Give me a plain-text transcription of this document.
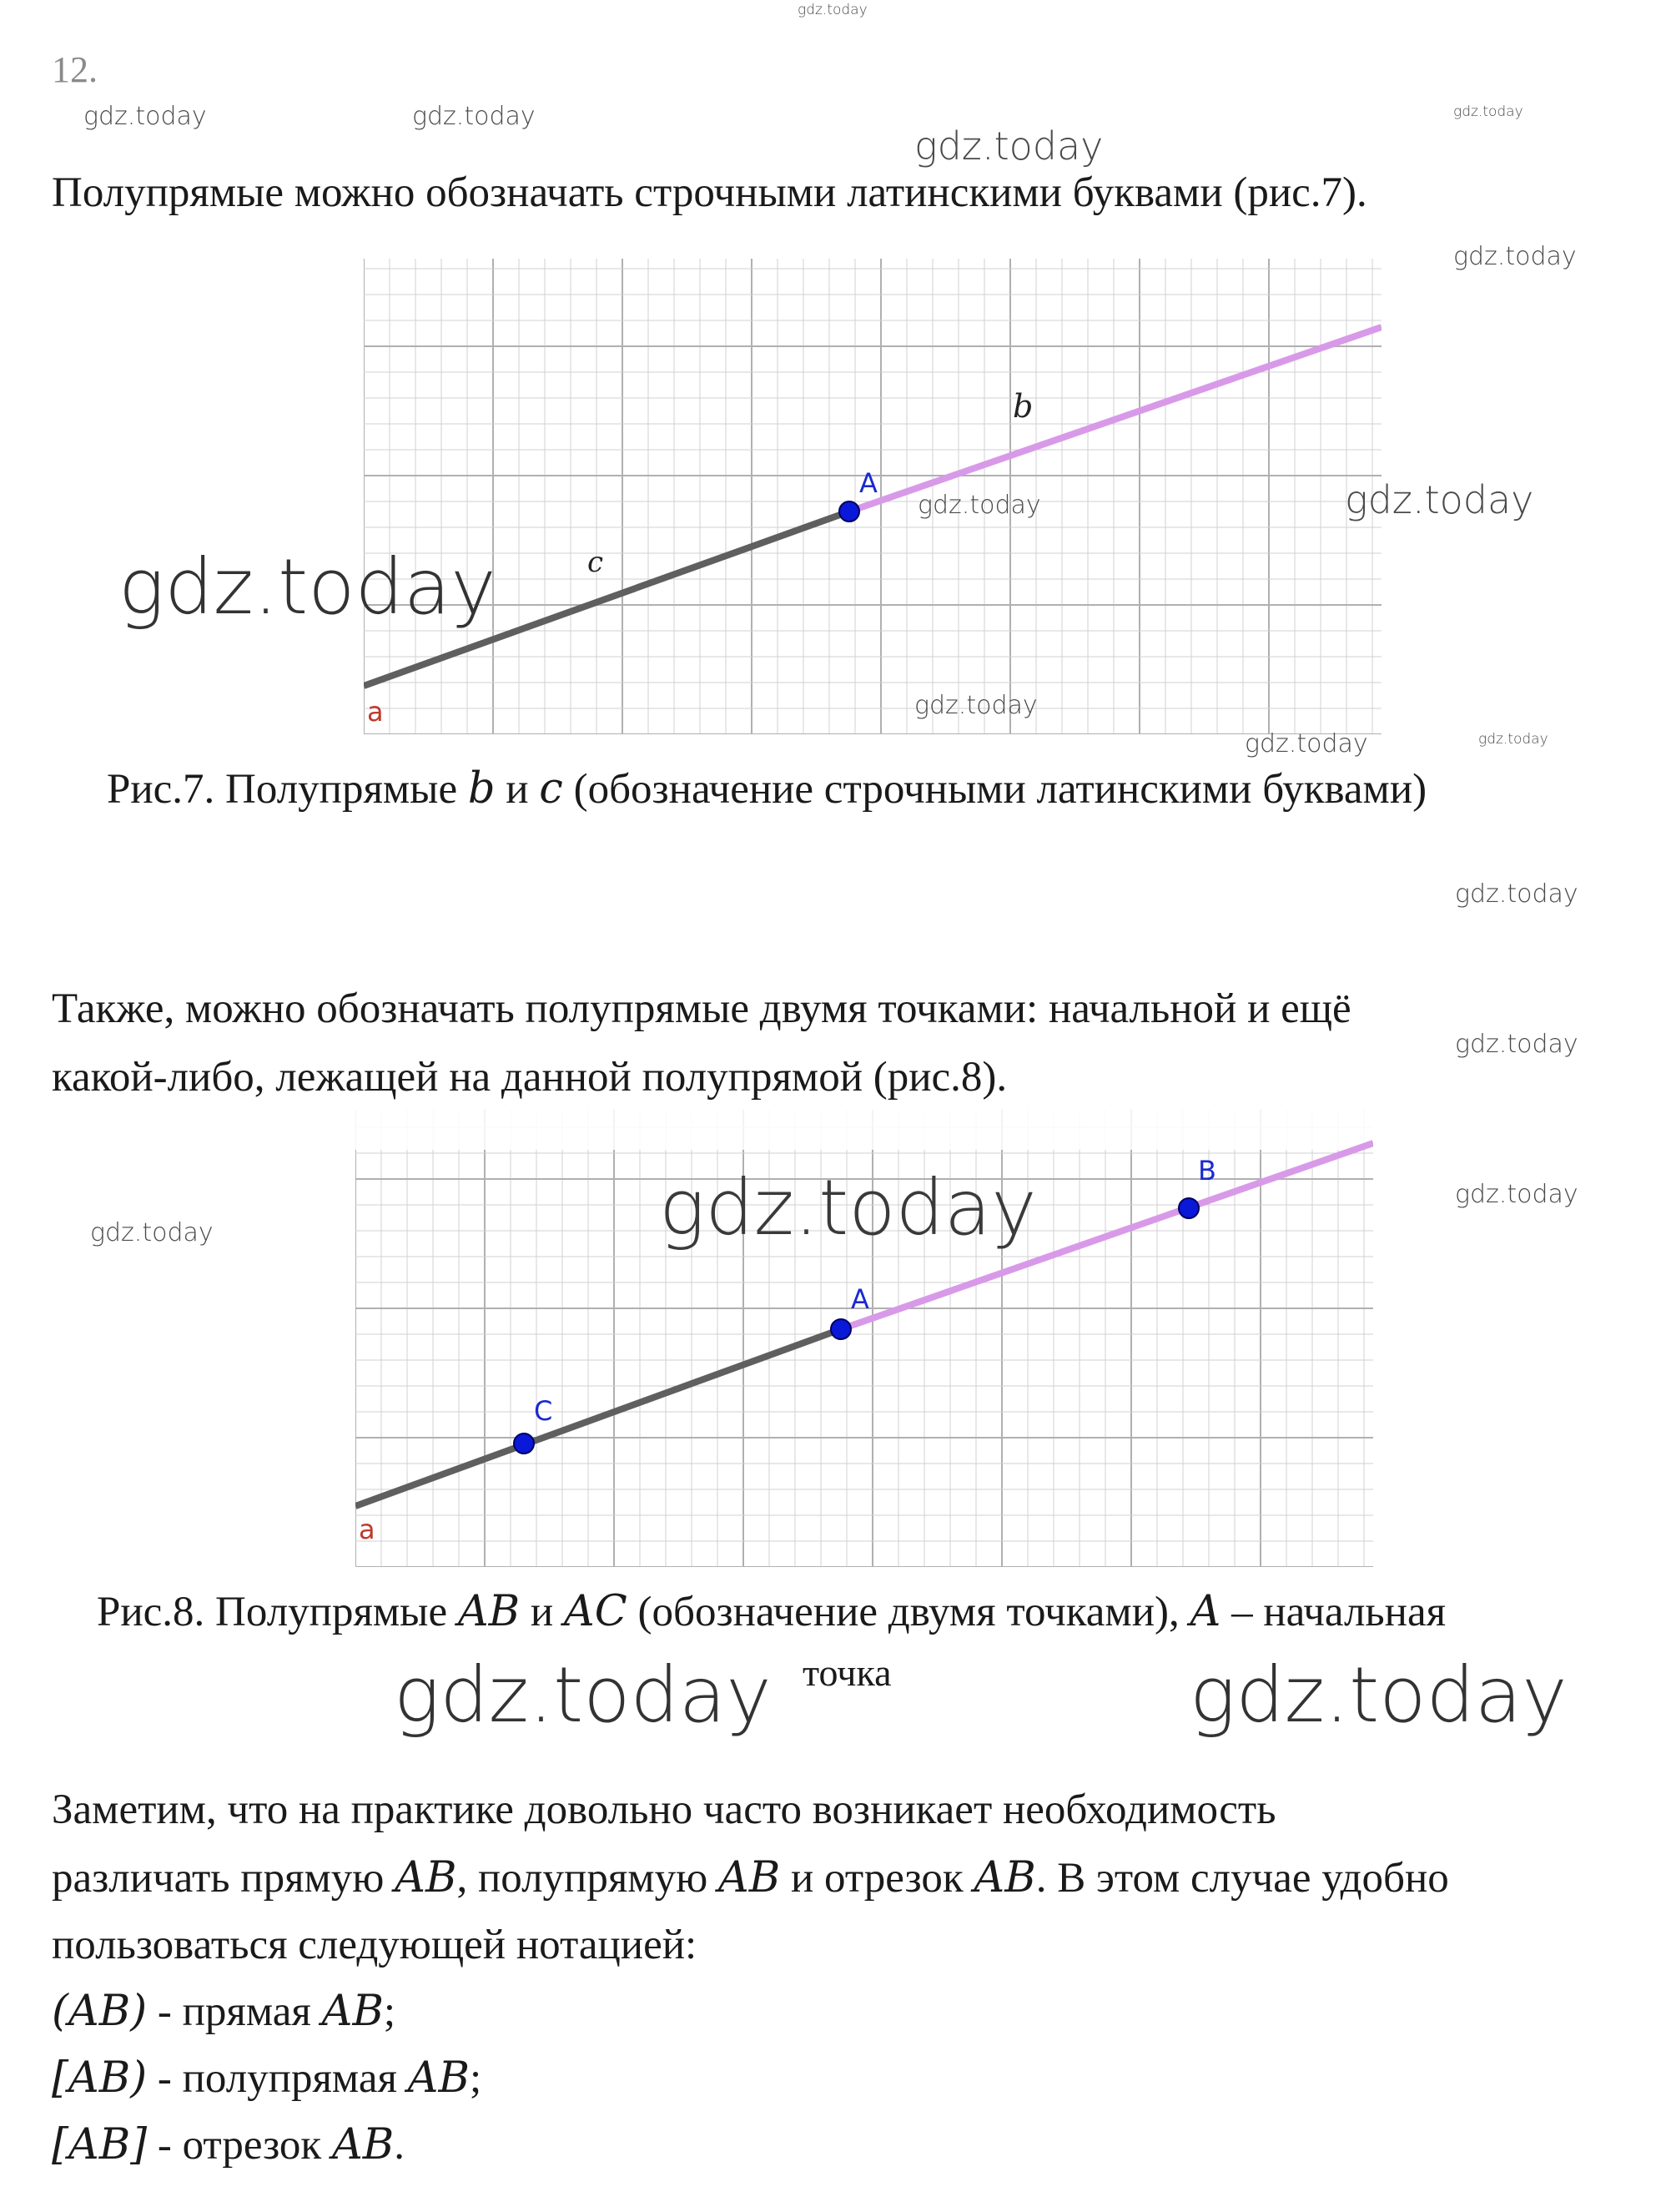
gdz.today
12.
gdz.today	gdz.today	gdz.today
gdz.today
Полупрямые можно обозначать строчными латинскими буквами (рис.7).
A
b
c
a
gdz.today
gdz.today	gdz.today
gdz.today
gdz.today
gdz.today	gdz.today
Рис.7. Полупрямые 𝑏 и 𝑐 (обозначение строчными латинскими буквами)
gdz.today
Также, можно обозначать полупрямые двумя точками: начальной и ещё
какой-либо, лежащей на данной полупрямой (рис.8).
gdz.today
A
B
C
a
gdz.today
gdz.today
gdz.today
Рис.8. Полупрямые 𝐴𝐵 и 𝐴𝐶 (обозначение двумя точками), 𝐴 – начальная
точка
gdz.today	gdz.today
Заметим, что на практике довольно часто возникает необходимость
различать прямую 𝐴𝐵, полупрямую 𝐴𝐵 и отрезок 𝐴𝐵. В этом случае удобно
пользоваться следующей нотацией:
(𝐴𝐵) - прямая 𝐴𝐵;
[𝐴𝐵) - полупрямая 𝐴𝐵;
[𝐴𝐵] - отрезок 𝐴𝐵.
